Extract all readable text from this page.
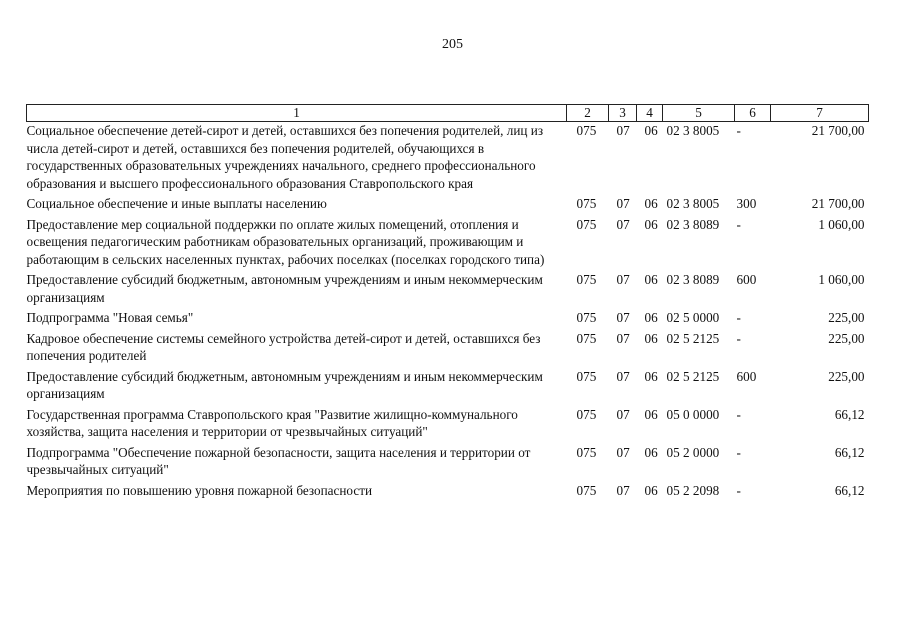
205
1	2	3	4	5	6	7
Социальное обеспечение детей-сирот и детей, оставшихся без попечения родителей, лиц из числа детей-сирот и детей, оставшихся без попечения родителей, обучающихся в государственных образовательных учреждениях начального, среднего профессионального образования и высшего профессионального образования Ставропольского края	075	07	06	02 3 8005	-	21 700,00
Социальное обеспечение и иные выплаты населению	075	07	06	02 3 8005	300	21 700,00
Предоставление мер социальной поддержки по оплате жилых помещений, отопления и освещения педагогическим работникам образовательных организаций, проживающим и работающим в сельских населенных пунктах, рабочих поселках (поселках городского типа)	075	07	06	02 3 8089	-	1 060,00
Предоставление субсидий бюджетным, автономным учреждениям и иным некоммерческим организациям	075	07	06	02 3 8089	600	1 060,00
Подпрограмма "Новая семья"	075	07	06	02 5 0000	-	225,00
Кадровое обеспечение системы семейного устройства детей-сирот и детей, оставшихся без попечения родителей	075	07	06	02 5 2125	-	225,00
Предоставление субсидий бюджетным, автономным учреждениям и иным некоммерческим организациям	075	07	06	02 5 2125	600	225,00
Государственная программа Ставропольского края "Развитие жилищно-коммунального хозяйства, защита населения и территории от чрезвычайных ситуаций"	075	07	06	05 0 0000	-	66,12
Подпрограмма "Обеспечение пожарной безопасности, защита населения и территории от чрезвычайных ситуаций"	075	07	06	05 2 0000	-	66,12
Мероприятия по повышению уровня пожарной безопасности	075	07	06	05 2 2098	-	66,12
